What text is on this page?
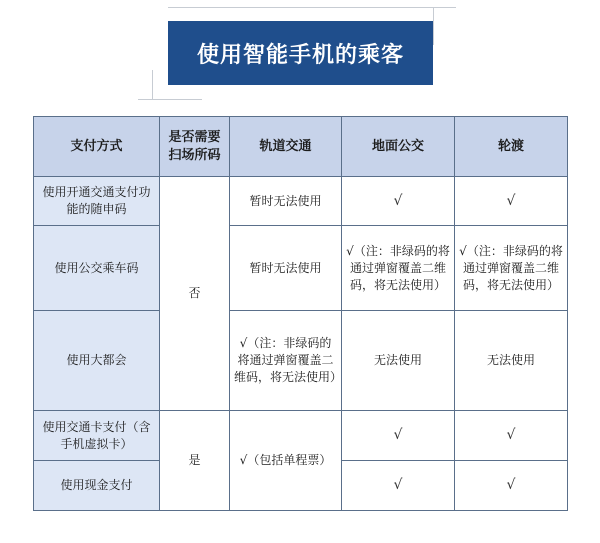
使用智能手机的乘客
支付方式	是否需要扫场所码	轨道交通	地面公交	轮渡
使用开通交通支付功能的随申码	否	暂时无法使用	√	√
使用公交乘车码		暂时无法使用	√（注：非绿码的将通过弹窗覆盖二维码，将无法使用）	√（注：非绿码的将通过弹窗覆盖二维码，将无法使用）
使用大都会		√（注：非绿码的将通过弹窗覆盖二维码，将无法使用）	无法使用	无法使用
使用交通卡支付（含手机虚拟卡）	是	√（包括单程票）	√	√
使用现金支付			√	√
